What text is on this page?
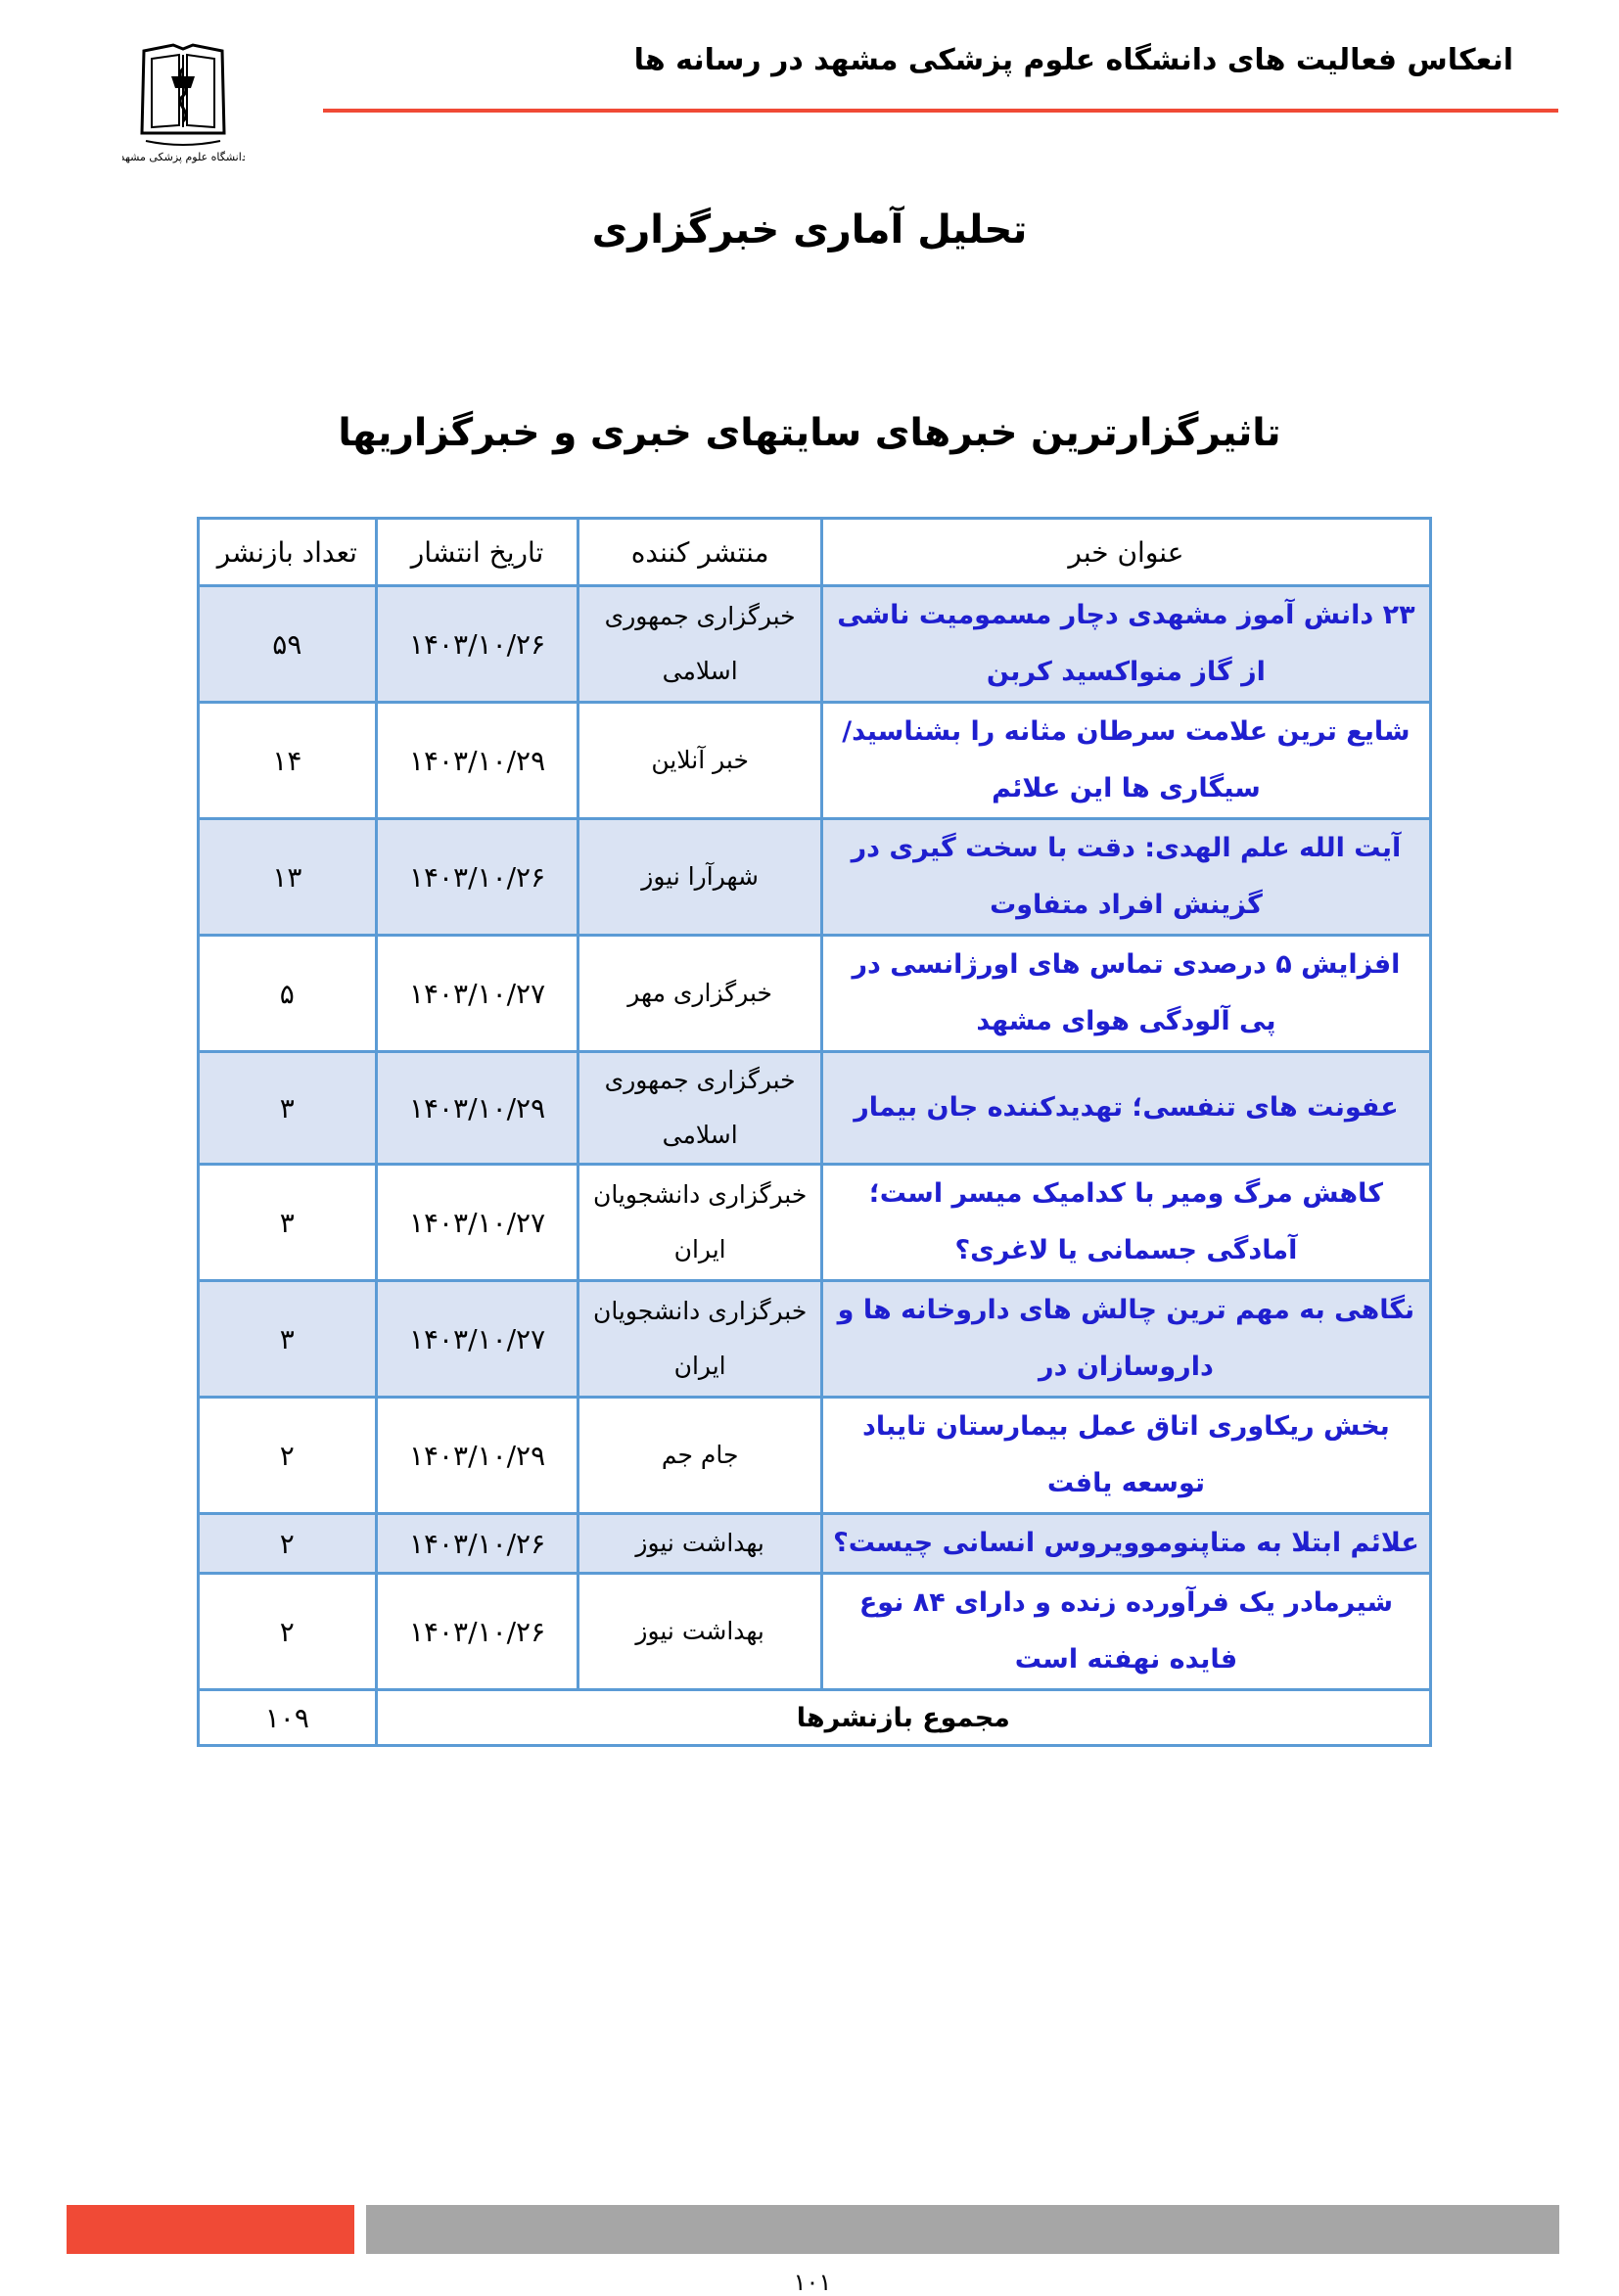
انعکاس فعالیت های دانشگاه علوم پزشکی مشهد در رسانه ها
دانشگاه علوم پزشکی مشهد
تحلیل آماری خبرگزاری
تاثیرگزارترین خبرهای سایتهای خبری و خبرگزاریها
عنوان خبر	منتشر کننده	تاریخ انتشار	تعداد بازنشر
۲۳ دانش آموز مشهدی دچار مسمومیت ناشی از گاز منواکسید کربن	خبرگزاری جمهوری اسلامی	۱۴۰۳/۱۰/۲۶	۵۹
شایع ترین علامت سرطان مثانه را بشناسید/ سیگاری ها این علائم	خبر آنلاین	۱۴۰۳/۱۰/۲۹	۱۴
آیت الله علم الهدی: دقت با سخت گیری در گزینش افراد متفاوت	شهرآرا نیوز	۱۴۰۳/۱۰/۲۶	۱۳
افزایش ۵ درصدی تماس های اورژانسی در پی آلودگی هوای مشهد	خبرگزاری مهر	۱۴۰۳/۱۰/۲۷	۵
عفونت های تنفسی؛ تهدیدکننده جان بیمار	خبرگزاری جمهوری اسلامی	۱۴۰۳/۱۰/۲۹	۳
کاهش مرگ ومیر با کدامیک میسر است؛ آمادگی جسمانی یا لاغری؟	خبرگزاری دانشجویان ایران	۱۴۰۳/۱۰/۲۷	۳
نگاهی به مهم ترین چالش های داروخانه ها و داروسازان در	خبرگزاری دانشجویان ایران	۱۴۰۳/۱۰/۲۷	۳
بخش ریکاوری اتاق عمل بیمارستان تایباد توسعه یافت	جام جم	۱۴۰۳/۱۰/۲۹	۲
علائم ابتلا به متاپنوموویروس انسانی چیست؟	بهداشت نیوز	۱۴۰۳/۱۰/۲۶	۲
شیرمادر یک فرآورده زنده و دارای ۸۴ نوع فایده نهفته است	بهداشت نیوز	۱۴۰۳/۱۰/۲۶	۲
مجموع بازنشرها			۱۰۹
۱۰۱
